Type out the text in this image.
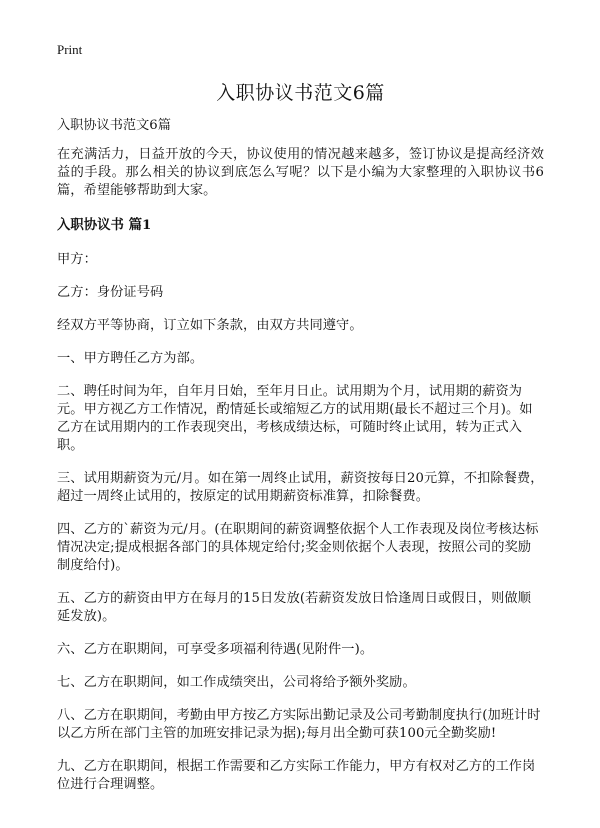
Print
入职协议书范文6篇
入职协议书范文6篇
在充满活力，日益开放的今天，协议使用的情况越来越多，签订协议是提高经济效益的手段。那么相关的协议到底怎么写呢？以下是小编为大家整理的入职协议书6篇，希望能够帮助到大家。
入职协议书 篇1
甲方：
乙方：身份证号码
经双方平等协商，订立如下条款，由双方共同遵守。
一、甲方聘任乙方为部。
二、聘任时间为年，自年月日始，至年月日止。试用期为个月，试用期的薪资为元。甲方视乙方工作情况，酌情延长或缩短乙方的试用期(最长不超过三个月)。如乙方在试用期内的工作表现突出，考核成绩达标，可随时终止试用，转为正式入职。
三、试用期薪资为元/月。如在第一周终止试用，薪资按每日20元算，不扣除餐费，超过一周终止试用的，按原定的试用期薪资标准算，扣除餐费。
四、乙方的`薪资为元/月。(在职期间的薪资调整依据个人工作表现及岗位考核达标情况决定;提成根据各部门的具体规定给付;奖金则依据个人表现，按照公司的奖励制度给付)。
五、乙方的薪资由甲方在每月的15日发放(若薪资发放日恰逢周日或假日，则做顺延发放)。
六、乙方在职期间，可享受多项福利待遇(见附件一)。
七、乙方在职期间，如工作成绩突出，公司将给予额外奖励。
八、乙方在职期间，考勤由甲方按乙方实际出勤记录及公司考勤制度执行(加班计时以乙方所在部门主管的加班安排记录为据);每月出全勤可获100元全勤奖励!
九、乙方在职期间，根据工作需要和乙方实际工作能力，甲方有权对乙方的工作岗位进行合理调整。
